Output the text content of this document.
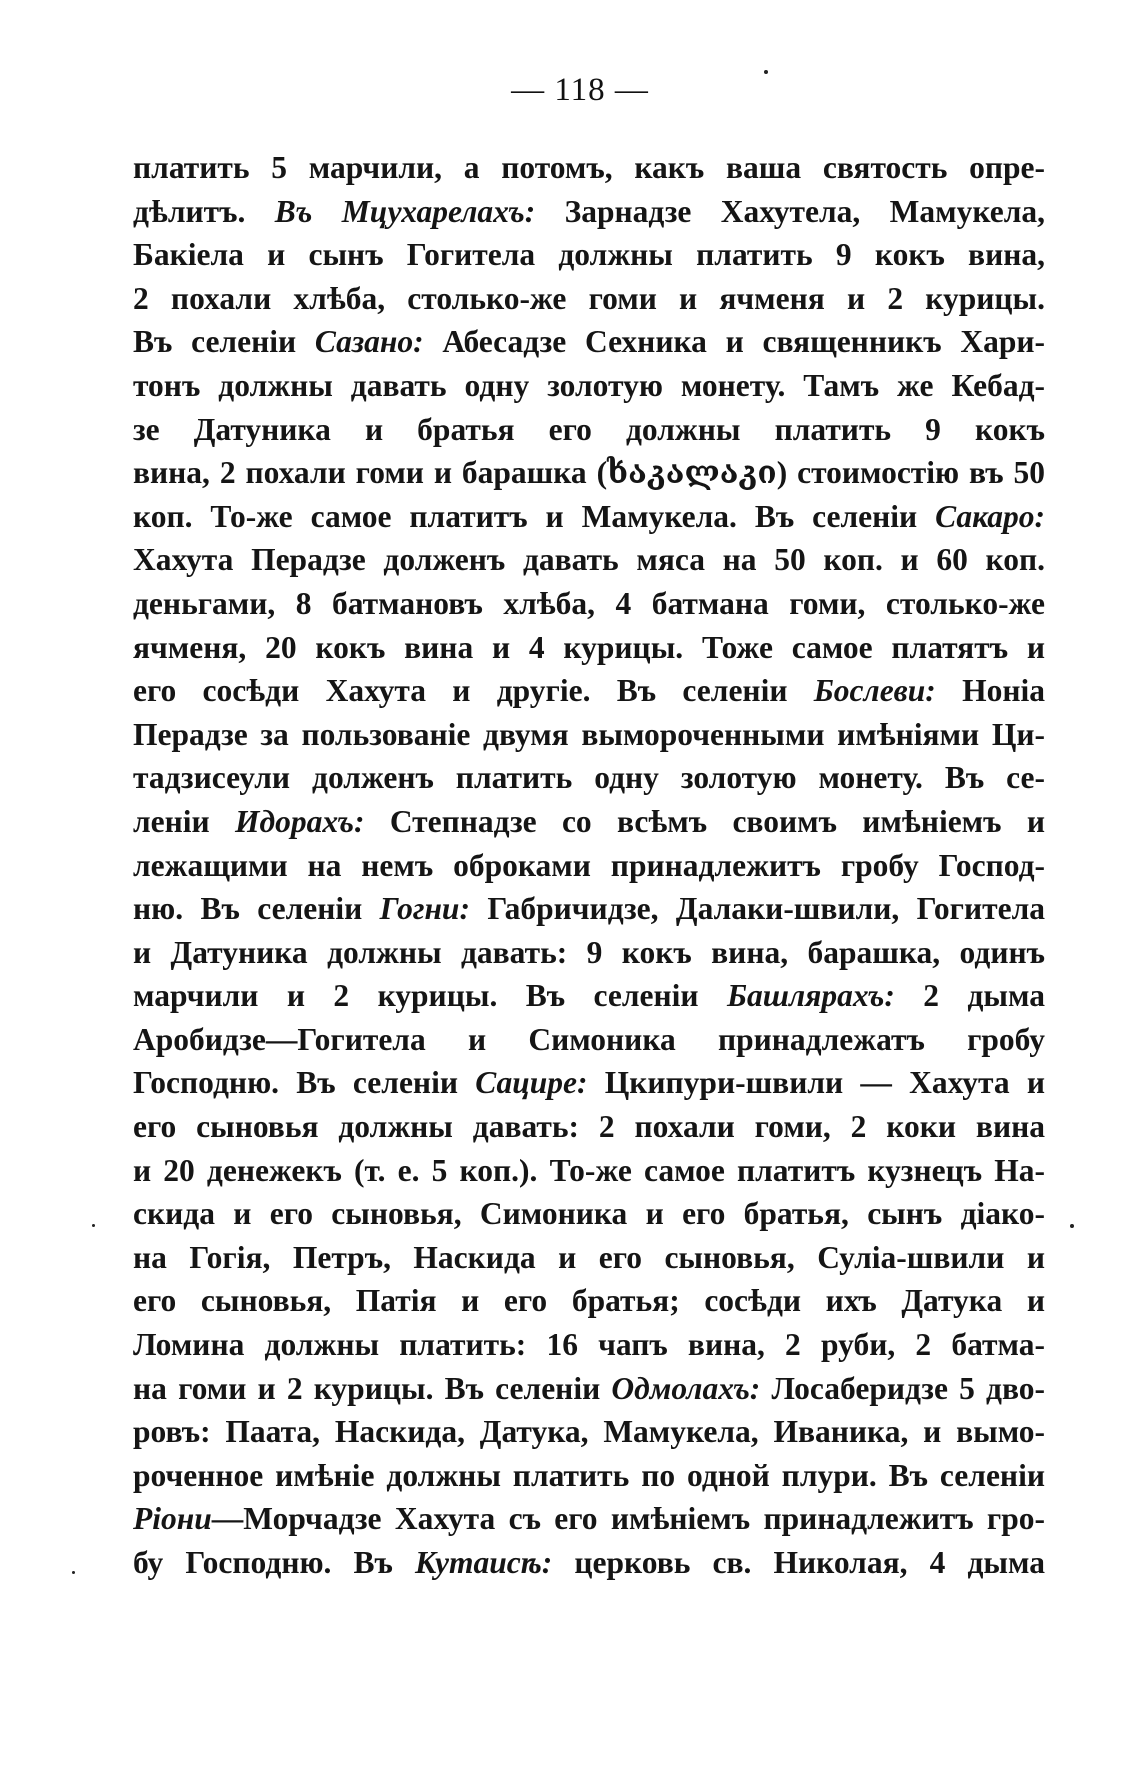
— 118 —
платить 5 марчили, а потомъ, какъ ваша святость опре-
дѣлитъ. Въ Мцухарелахъ: Зарнадзе Хахутела, Мамукела,
Бакiела и сынъ Гогитела должны платить 9 кокъ вина,
2 похали хлѣба, столько-же гоми и ячменя и 2 курицы.
Въ селенiи Сазано: Абесадзе Сехника и священникъ Хари-
тонъ должны давать одну золотую монету. Тамъ же Кебад-
зе Датуника и братья его должны платить 9 кокъ
вина, 2 похали гоми и барашка (ხაკალაკი) стоимостiю въ 50
коп. То-же самое платитъ и Мамукела. Въ селенiи Сакаро:
Хахута Перадзе долженъ давать мяса на 50 коп. и 60 коп.
деньгами, 8 батмановъ хлѣба, 4 батмана гоми, столько-же
ячменя, 20 кокъ вина и 4 курицы. Тоже самое платятъ и
его сосѣди Хахута и другiе. Въ селенiи Бослеви: Нонiа
Перадзе за пользованiе двумя вымороченными имѣнiями Ци-
тадзисеули долженъ платить одну золотую монету. Въ се-
ленiи Идорахъ: Степнадзе со всѣмъ своимъ имѣнiемъ и
лежащими на немъ оброками принадлежитъ гробу Господ-
ню. Въ селенiи Гогни: Габричидзе, Далаки-швили, Гогитела
и Датуника должны давать: 9 кокъ вина, барашка, одинъ
марчили и 2 курицы. Въ селенiи Башлярахъ: 2 дыма
Аробидзе—Гогитела и Симоника принадлежатъ гробу
Господню. Въ селенiи Сацире: Цкипури-швили — Хахута и
его сыновья должны давать: 2 похали гоми, 2 коки вина
и 20 денежекъ (т. е. 5 коп.). То-же самое платитъ кузнецъ На-
скида и его сыновья, Симоника и его братья, сынъ дiако-
на Гогiя, Петръ, Наскида и его сыновья, Сулiа-швили и
его сыновья, Патiя и его братья; сосѣди ихъ Датука и
Ломина должны платить: 16 чапъ вина, 2 руби, 2 батма-
на гоми и 2 курицы. Въ селенiи Одмолахъ: Лосаберидзе 5 дво-
ровъ: Паата, Наскида, Датука, Мамукела, Иваника, и вымо-
роченное имѣнiе должны платить по одной плури. Въ селенiи
Рiони—Морчадзе Хахута съ его имѣнiемъ принадлежитъ гро-
бу Господню. Въ Кутаисѣ: церковь св. Николая, 4 дыма
